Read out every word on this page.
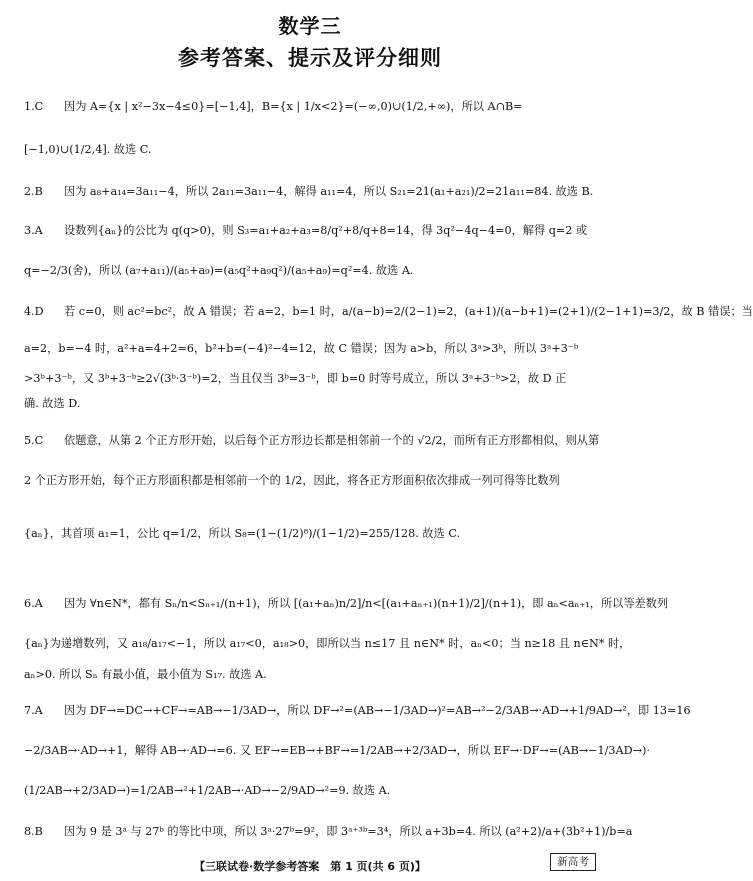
数学三
参考答案、提示及评分细则
1.C 因为 A={x | x²−3x−4≤0}=[−1,4]，B={x | 1/x<2}=(−∞,0)∪(1/2,+∞)，所以 A∩B=
[−1,0)∪(1/2,4]. 故选 C.
2.B 因为 a₈+a₁₄=3a₁₁−4，所以 2a₁₁=3a₁₁−4，解得 a₁₁=4，所以 S₂₁=21(a₁+a₂₁)/2=21a₁₁=84. 故选 B.
3.A 设数列{aₙ}的公比为 q(q>0)，则 S₃=a₁+a₂+a₃=8/q²+8/q+8=14，得 3q²−4q−4=0，解得 q=2 或
q=−2/3(舍)，所以 (a₇+a₁₁)/(a₅+a₉)=(a₅q²+a₉q²)/(a₅+a₉)=q²=4. 故选 A.
4.D 若 c=0，则 ac²=bc²，故 A 错误；若 a=2，b=1 时，a/(a−b)=2/(2−1)=2，(a+1)/(a−b+1)=(2+1)/(2−1+1)=3/2，故 B 错误；当
a=2，b=−4 时，a²+a=4+2=6，b²+b=(−4)²−4=12，故 C 错误；因为 a>b，所以 3ᵃ>3ᵇ，所以 3ᵃ+3⁻ᵇ
>3ᵇ+3⁻ᵇ，又 3ᵇ+3⁻ᵇ≥2√(3ᵇ·3⁻ᵇ)=2，当且仅当 3ᵇ=3⁻ᵇ，即 b=0 时等号成立，所以 3ᵃ+3⁻ᵇ>2，故 D 正
确. 故选 D.
5.C 依题意，从第 2 个正方形开始，以后每个正方形边长都是相邻前一个的 √2/2，而所有正方形都相似，则从第
2 个正方形开始，每个正方形面积都是相邻前一个的 1/2，因此，将各正方形面积依次排成一列可得等比数列
{aₙ}，其首项 a₁=1，公比 q=1/2，所以 S₈=(1−(1/2)⁸)/(1−1/2)=255/128. 故选 C.
6.A 因为 ∀n∈N*，都有 Sₙ/n<Sₙ₊₁/(n+1)，所以 [(a₁+aₙ)n/2]/n<[(a₁+aₙ₊₁)(n+1)/2]/(n+1)，即 aₙ<aₙ₊₁，所以等差数列
{aₙ}为递增数列，又 a₁₈/a₁₇<−1，所以 a₁₇<0，a₁₈>0，即所以当 n≤17 且 n∈N* 时，aₙ<0；当 n≥18 且 n∈N* 时，
aₙ>0. 所以 Sₙ 有最小值，最小值为 S₁₇. 故选 A.
7.A 因为 DF→=DC→+CF→=AB→−1/3AD→，所以 DF→²=(AB→−1/3AD→)²=AB→²−2/3AB→·AD→+1/9AD→²，即 13=16
−2/3AB→·AD→+1，解得 AB→·AD→=6. 又 EF→=EB→+BF→=1/2AB→+2/3AD→，所以 EF→·DF→=(AB→−1/3AD→)·
(1/2AB→+2/3AD→)=1/2AB→²+1/2AB→·AD→−2/9AD→²=9. 故选 A.
8.B 因为 9 是 3ᵃ 与 27ᵇ 的等比中项，所以 3ᵃ·27ᵇ=9²，即 3ᵃ⁺³ᵇ=3⁴，所以 a+3b=4. 所以 (a²+2)/a+(3b²+1)/b=a
【三联试卷·数学参考答案　第 1 页(共 6 页)】	新高考
